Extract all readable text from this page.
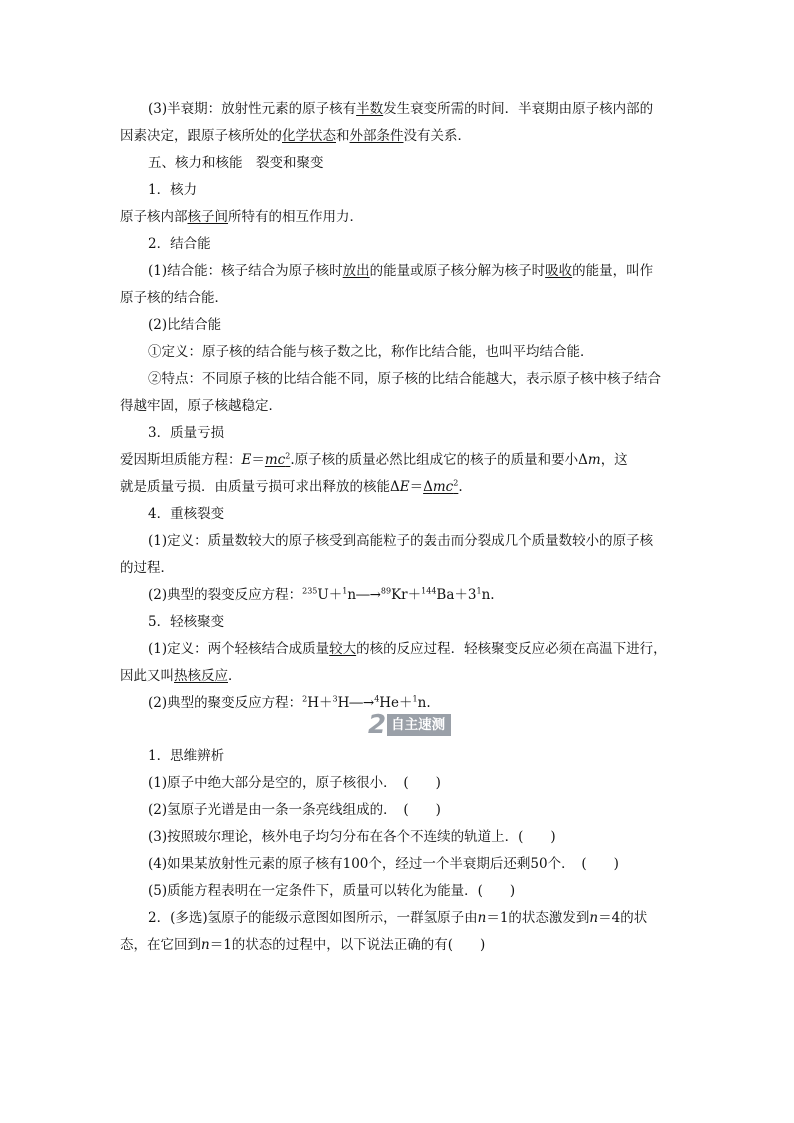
(3)半衰期：放射性元素的原子核有半数发生衰变所需的时间．半衰期由原子核内部的
因素决定，跟原子核所处的化学状态和外部条件没有关系．
五、核力和核能　裂变和聚变
1．核力
原子核内部核子间所特有的相互作用力．
2．结合能
(1)结合能：核子结合为原子核时放出的能量或原子核分解为核子时吸收的能量，叫作
原子核的结合能．
(2)比结合能
①定义：原子核的结合能与核子数之比，称作比结合能，也叫平均结合能．
②特点：不同原子核的比结合能不同，原子核的比结合能越大，表示原子核中核子结合
得越牢固，原子核越稳定．
3．质量亏损
爱因斯坦质能方程：$E=mc^2$.原子核的质量必然比组成它的核子的质量和要小Δm，这
就是质量亏损．由质量亏损可求出释放的核能ΔE＝Δmc$^2$.
4．重核裂变
(1)定义：质量数较大的原子核受到高能粒子的轰击而分裂成几个质量数较小的原子核
的过程．
(2)典型的裂变反应方程：$^{235}U+^1n―\to^{89}Kr+^{144}Ba+3^1n$.
5．轻核聚变
(1)定义：两个轻核结合成质量较大的核的反应过程．轻核聚变反应必须在高温下进行，
因此又叫热核反应．
(2)典型的聚变反应方程：$^2$H＋$^3$H―→$^4$He＋$^1$n.
2 自主速测
1．思维辨析
(1)原子中绝大部分是空的，原子核很小．　(　　)
(2)氢原子光谱是由一条一条亮线组成的．　(　　)
(3)按照玻尔理论，核外电子均匀分布在各个不连续的轨道上．(　　)
(4)如果某放射性元素的原子核有100个，经过一个半衰期后还剩50个．　(　　)
(5)质能方程表明在一定条件下，质量可以转化为能量．(　　)
2．(多选)氢原子的能级示意图如图所示，一群氢原子由n＝1的状态激发到n＝4的状
态，在它回到n＝1的状态的过程中，以下说法正确的有(　　)
